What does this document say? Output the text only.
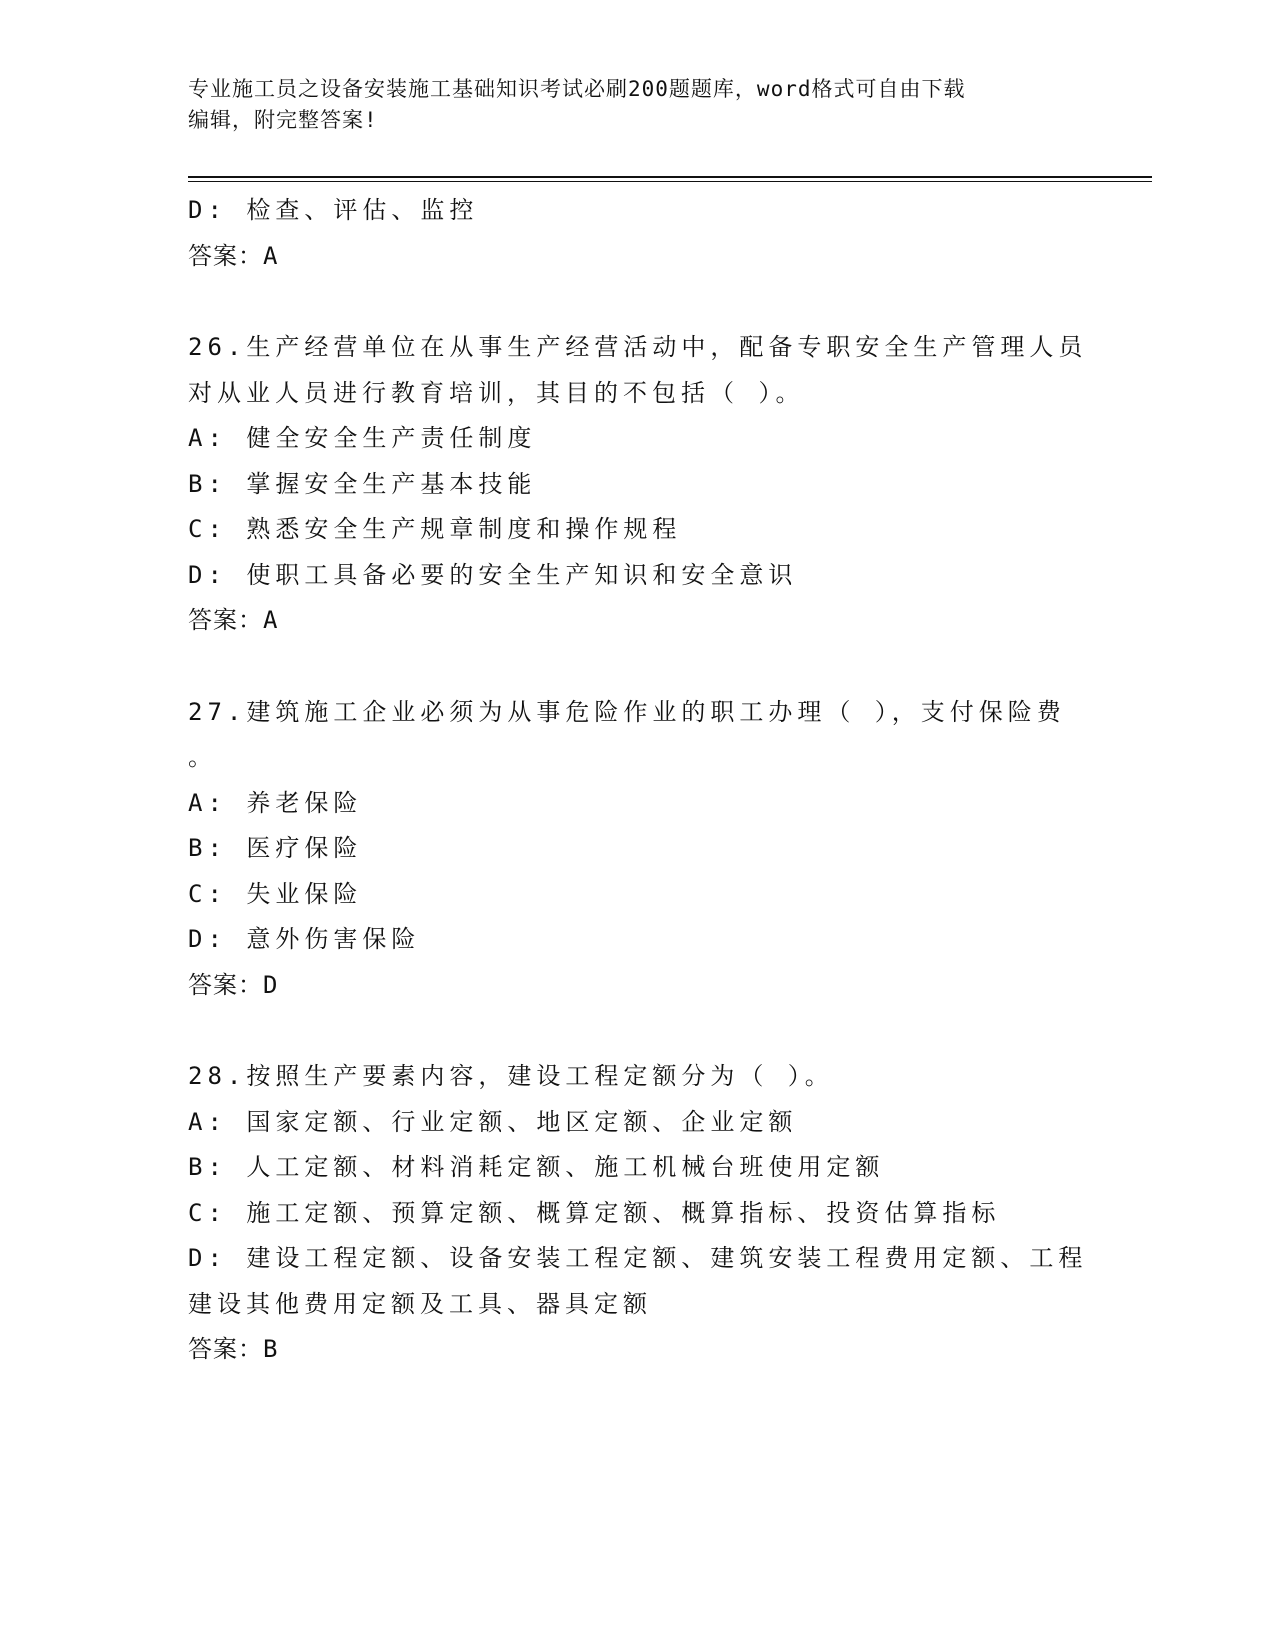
专业施工员之设备安装施工基础知识考试必刷200题题库，word格式可自由下载
编辑，附完整答案!
D: 检查、评估、监控
答案：A
26.生产经营单位在从事生产经营活动中，配备专职安全生产管理人员
对从业人员进行教育培训，其目的不包括（ ）。
A: 健全安全生产责任制度
B: 掌握安全生产基本技能
C: 熟悉安全生产规章制度和操作规程
D: 使职工具备必要的安全生产知识和安全意识
答案：A
27.建筑施工企业必须为从事危险作业的职工办理（ ），支付保险费
。
A: 养老保险
B: 医疗保险
C: 失业保险
D: 意外伤害保险
答案：D
28.按照生产要素内容，建设工程定额分为（ ）。
A: 国家定额、行业定额、地区定额、企业定额
B: 人工定额、材料消耗定额、施工机械台班使用定额
C: 施工定额、预算定额、概算定额、概算指标、投资估算指标
D: 建设工程定额、设备安装工程定额、建筑安装工程费用定额、工程
建设其他费用定额及工具、器具定额
答案：B
